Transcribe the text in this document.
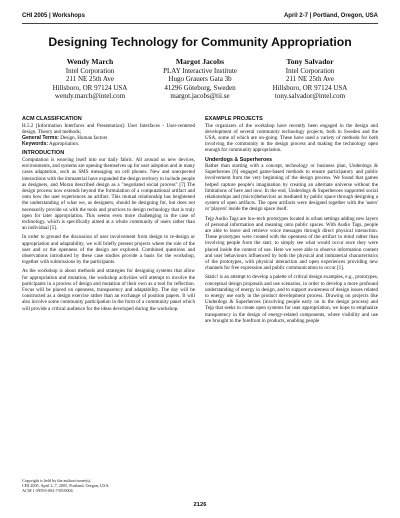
CHI 2005 | Workshops	April 2-7 | Portland, Oregon, USA
Designing Technology for Community Appropriation
Wendy March
Intel Corporation
211 NE 25th Ave
Hillsboro, OR 97124 USA
wendy.march@intel.com
Margot Jacobs
PLAY Interactive Institute
Hugo Grauers Gata 3b
41296 Göteborg, Sweden
margot.jacobs@tii.se
Tony Salvador
Intel Corporation
211 NE 25th Ave
Hillsboro, OR 97124 USA
tony.salvador@intel.com
ACM CLASSIFICATION
H.5.2 [Information Interfaces and Presentation]: User Interfaces - User-centered design, Theory and methods;
General Terms: Design, Human factors
Keywords: Appropriation.
INTRODUCTION

Computation is weaving itself into our daily fabric. All around us new devices, environments, and systems are opening themselves up for user adoption and in many cases adaptation, such as SMS messaging on cell phones. New and unexpected interactions with the immaterial have expanded the design territory to include people as designers, and Moran described design as a "negotiated social process" [7] The design process now extends beyond the formulation of a computational artifact and onto how the user experiences an artifact. This mutual relationship has heightened the understanding of what we, as designers, should be designing for, but does not necessarily provide us with the tools and practices to design technology that is truly open for later appropriation. This seems even more challenging in the case of technology, which is specifically aimed at a whole community of users rather than an individual [5].

In order to ground the discussion of user involvement from design to re-design or appropriation and adaptability, we will briefly present projects where the role of the user and or the openness of the design are explored. Combined questions and observations introduced by these case studies provide a basis for the workshop, together with submissions by the participants.

As the workshop is about methods and strategies for designing systems that allow for appropriation and mutation, the workshop activities will attempt to involve the participants in a process of design and mutation of their own as a tool for reflection. Focus will be placed on openness, transparency and adaptability. The day will be constructed as a design exercise rather than an exchange of position papers. It will also involve some community participation in the form of a community panel which will provide a critical audience for the ideas developed during the workshop.

Copyright is held by the author/owner(s).
CHI 2005, April 2–7, 2005, Portland, Oregon, USA.
ACM 1-59593-002-7/05/0004.
EXAMPLE PROJECTS

The organizers of the workshop have recently been engaged in the design and development of several community technology projects, both in Sweden and the USA, some of which are on-going. These have used a variety of methods for both involving the community in the design process and making the technology open enough for community appropriation.

Underdogs & Superheroes

Rather than starting with a concept, technology or business plan, Underdogs & Superheroes [6] engaged game-based methods to ensure participatory and public involvement from the very beginning of the design process. We found that games helped capture people's imagination by creating an alternate universe without the limitations of here and now. In the end, Underdogs & Superheroes supported social relationships and (micro)behaviors as mediated by public space through designing a system of open artifacts. The open artifacts were designed together with the 'users' or 'players' inside the design space itself.

Tejp Audio Tags are low-tech prototypes located in urban settings adding new layers of personal information and meaning onto public spaces. With Audio Tags, people are able to leave and retrieve voice messages through direct physical interaction. These prototypes were created with the openness of the artifact in mind rather than involving people from the start, to simply see what would occur once they were placed inside the context of use. Here we were able to observe information content and user behaviours influenced by both the physical and immaterial characteristics of the prototypes, with physical interaction and open experiences providing new channels for free expression and public communication to occur [1].

Static! is an attempt to develop a palette of critical design examples, e.g., prototypes, conceptual design proposals and use scenarios, in order to develop a more profound understanding of energy in design, and to support awareness of design issues related to energy use early in the product development process. Drawing on projects like Underdogs & Superheroes (involving people early on in the design process) and Tejp that seeks to create open systems for user appropriation, we hope to emphasize transparency in the design of energy-related components, where visibility and use are brought to the forefront in products, enabling people

2126
